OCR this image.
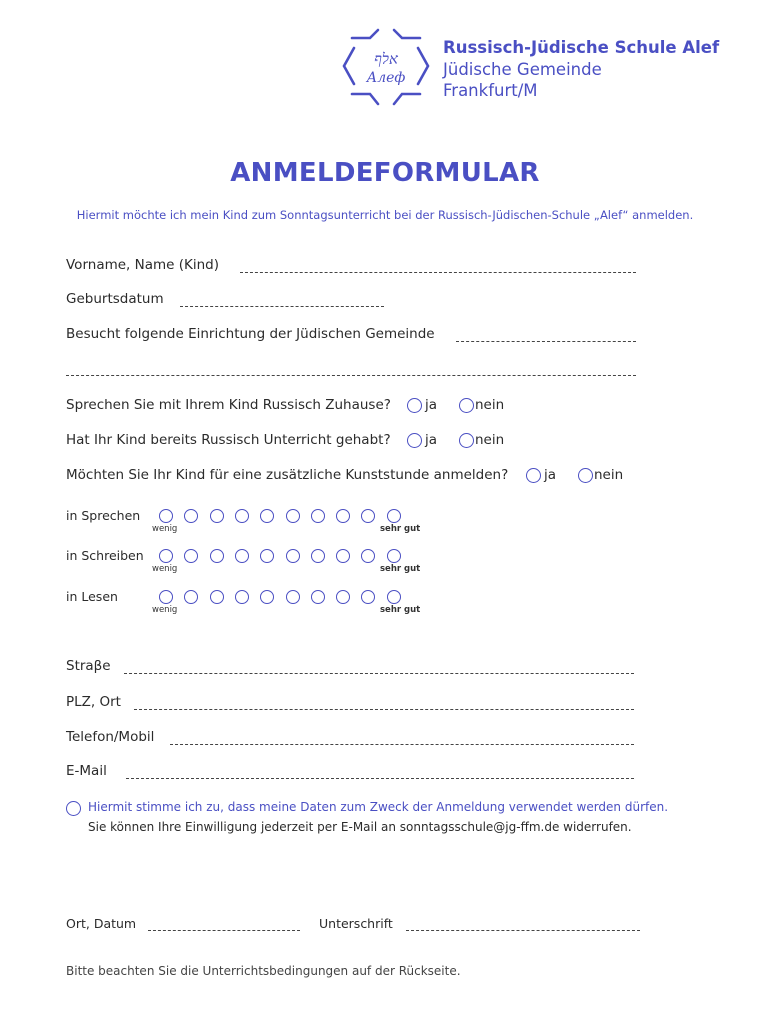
אלף
Алеф
Russisch-Jüdische Schule Alef
Jüdische Gemeinde
Frankfurt/M
ANMELDEFORMULAR
Hiermit möchte ich mein Kind zum Sonntagsunterricht bei der Russisch-Jüdischen-Schule „Alef“ anmelden.
Vorname, Name (Kind)
Geburtsdatum
Besucht folgende Einrichtung der Jüdischen Gemeinde
Sprechen Sie mit Ihrem Kind Russisch Zuhause?	ja	nein
Hat Ihr Kind bereits Russisch Unterricht gehabt?	ja	nein
Möchten Sie Ihr Kind für eine zusätzliche Kunststunde anmelden?	ja	nein
in Sprechen
wenig	sehr gut
in Schreiben
wenig	sehr gut
in Lesen
wenig	sehr gut
Straβe
PLZ, Ort
Telefon/Mobil
E-Mail
Hiermit stimme ich zu, dass meine Daten zum Zweck der Anmeldung verwendet werden dürfen.
Sie können Ihre Einwilligung jederzeit per E-Mail an sonntagsschule@jg-ffm.de widerrufen.
Ort, Datum	Unterschrift
Bitte beachten Sie die Unterrichtsbedingungen auf der Rückseite.
